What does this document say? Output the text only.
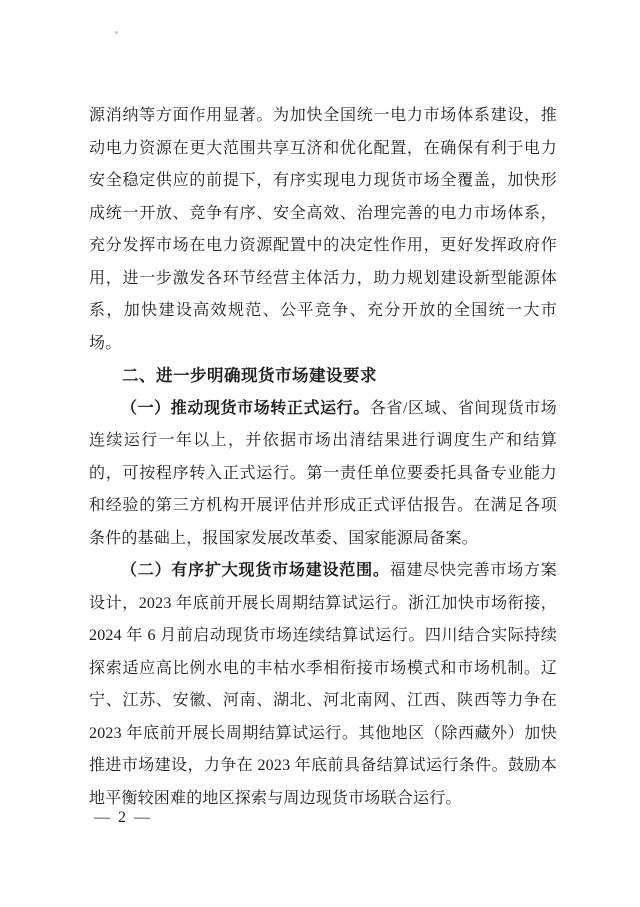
源消纳等方面作用显著。为加快全国统一电力市场体系建设，推动电力资源在更大范围共享互济和优化配置，在确保有利于电力安全稳定供应的前提下，有序实现电力现货市场全覆盖，加快形成统一开放、竞争有序、安全高效、治理完善的电力市场体系，充分发挥市场在电力资源配置中的决定性作用，更好发挥政府作用，进一步激发各环节经营主体活力，助力规划建设新型能源体系，加快建设高效规范、公平竞争、充分开放的全国统一大市场。

二、进一步明确现货市场建设要求

（一）推动现货市场转正式运行。各省/区域、省间现货市场连续运行一年以上，并依据市场出清结果进行调度生产和结算的，可按程序转入正式运行。第一责任单位要委托具备专业能力和经验的第三方机构开展评估并形成正式评估报告。在满足各项条件的基础上，报国家发展改革委、国家能源局备案。

（二）有序扩大现货市场建设范围。福建尽快完善市场方案设计，2023 年底前开展长周期结算试运行。浙江加快市场衔接，2024 年 6 月前启动现货市场连续结算试运行。四川结合实际持续探索适应高比例水电的丰枯水季相衔接市场模式和市场机制。辽宁、江苏、安徽、河南、湖北、河北南网、江西、陕西等力争在 2023 年底前开展长周期结算试运行。其他地区（除西藏外）加快推进市场建设，力争在 2023 年底前具备结算试运行条件。鼓励本地平衡较困难的地区探索与周边现货市场联合运行。

— 2 —
